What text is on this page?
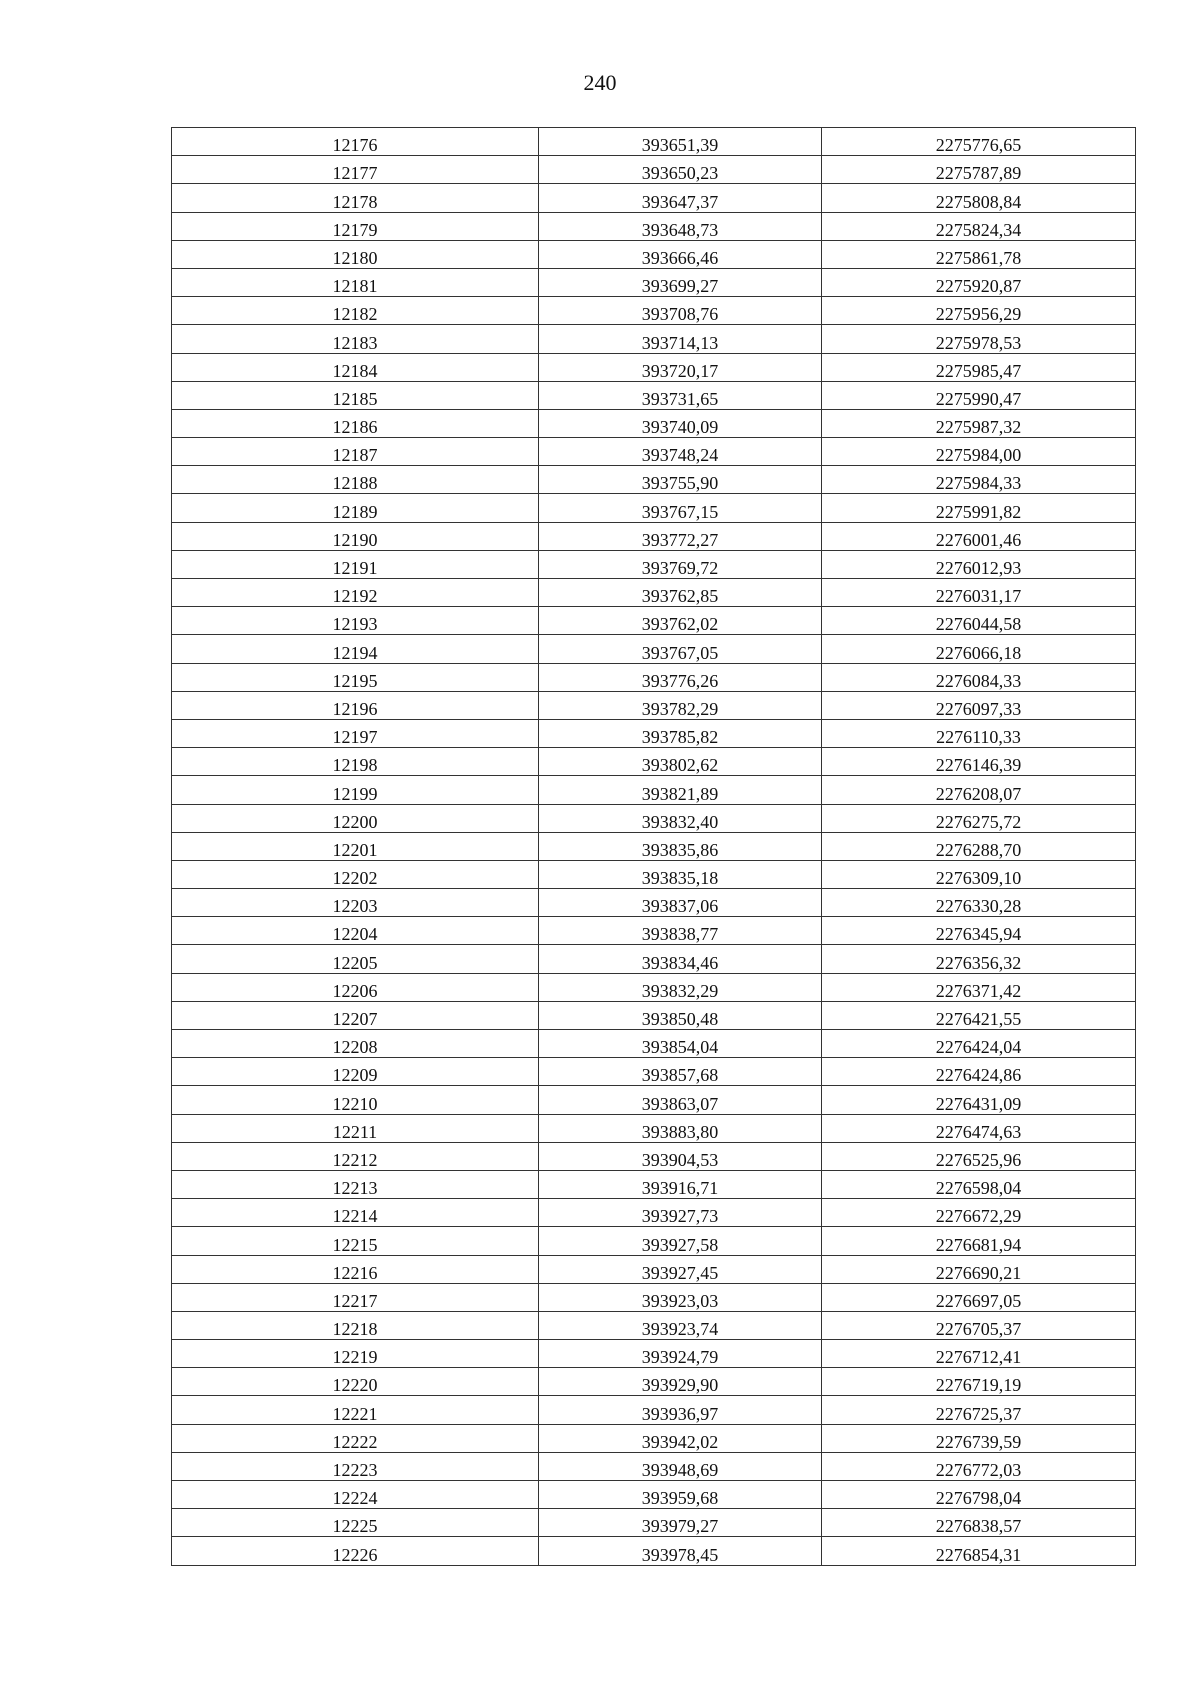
240
12176	393651,39	2275776,65
12177	393650,23	2275787,89
12178	393647,37	2275808,84
12179	393648,73	2275824,34
12180	393666,46	2275861,78
12181	393699,27	2275920,87
12182	393708,76	2275956,29
12183	393714,13	2275978,53
12184	393720,17	2275985,47
12185	393731,65	2275990,47
12186	393740,09	2275987,32
12187	393748,24	2275984,00
12188	393755,90	2275984,33
12189	393767,15	2275991,82
12190	393772,27	2276001,46
12191	393769,72	2276012,93
12192	393762,85	2276031,17
12193	393762,02	2276044,58
12194	393767,05	2276066,18
12195	393776,26	2276084,33
12196	393782,29	2276097,33
12197	393785,82	2276110,33
12198	393802,62	2276146,39
12199	393821,89	2276208,07
12200	393832,40	2276275,72
12201	393835,86	2276288,70
12202	393835,18	2276309,10
12203	393837,06	2276330,28
12204	393838,77	2276345,94
12205	393834,46	2276356,32
12206	393832,29	2276371,42
12207	393850,48	2276421,55
12208	393854,04	2276424,04
12209	393857,68	2276424,86
12210	393863,07	2276431,09
12211	393883,80	2276474,63
12212	393904,53	2276525,96
12213	393916,71	2276598,04
12214	393927,73	2276672,29
12215	393927,58	2276681,94
12216	393927,45	2276690,21
12217	393923,03	2276697,05
12218	393923,74	2276705,37
12219	393924,79	2276712,41
12220	393929,90	2276719,19
12221	393936,97	2276725,37
12222	393942,02	2276739,59
12223	393948,69	2276772,03
12224	393959,68	2276798,04
12225	393979,27	2276838,57
12226	393978,45	2276854,31
